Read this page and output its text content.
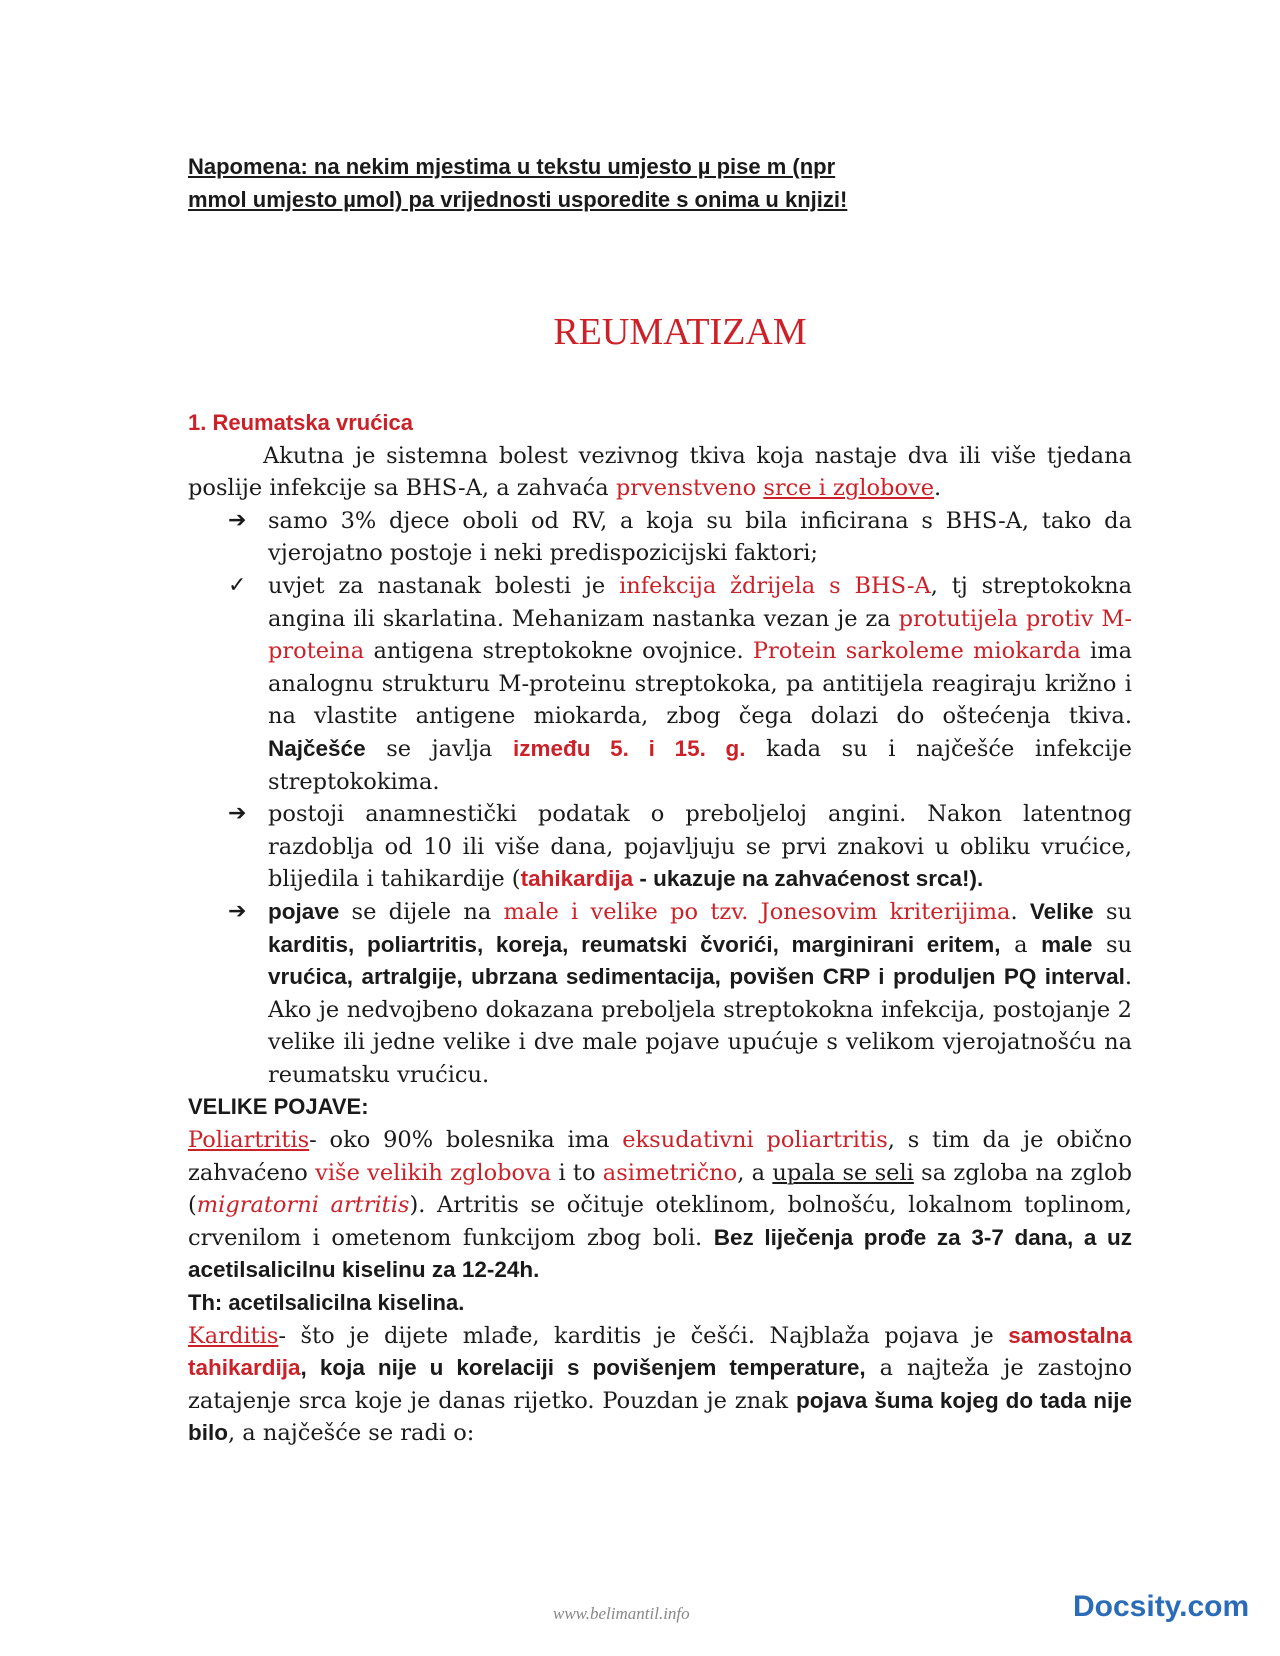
Napomena: na nekim mjestima u tekstu umjesto µ pise m (npr
mmol umjesto µmol) pa vrijednosti usporedite s onima u knjizi!
REUMATIZAM
1. Reumatska vrućica
Akutna je sistemna bolest vezivnog tkiva koja nastaje dva ili više tjedana poslije infekcije sa BHS-A, a zahvaća prvenstveno srce i zglobove.
➔ samo 3% djece oboli od RV, a koja su bila inficirana s BHS-A, tako da vjerojatno postoje i neki predispozicijski faktori;
✓ uvjet za nastanak bolesti je infekcija ždrijela s BHS-A, tj streptokokna angina ili skarlatina. Mehanizam nastanka vezan je za protutijela protiv M-proteina antigena streptokokne ovojnice. Protein sarkoleme miokarda ima analognu strukturu M-proteinu streptokoka, pa antitijela reagiraju križno i na vlastite antigene miokarda, zbog čega dolazi do oštećenja tkiva. Najčešće se javlja između 5. i 15. g. kada su i najčešće infekcije streptokokima.
➔ postoji anamnestički podatak o preboljeloj angini. Nakon latentnog razdoblja od 10 ili više dana, pojavljuju se prvi znakovi u obliku vrućice, blijedila i tahikardije (tahikardija - ukazuje na zahvaćenost srca!).
➔ pojave se dijele na male i velike po tzv. Jonesovim kriterijima. Velike su karditis, poliartritis, koreja, reumatski čvorići, marginirani eritem, a male su vrućica, artralgije, ubrzana sedimentacija, povišen CRP i produljen PQ interval. Ako je nedvojbeno dokazana preboljela streptokokna infekcija, postojanje 2 velike ili jedne velike i dve male pojave upućuje s velikom vjerojatnošću na reumatsku vrućicu.
VELIKE POJAVE:
Poliartritis- oko 90% bolesnika ima eksudativni poliartritis, s tim da je obično zahvaćeno više velikih zglobova i to asimetrično, a upala se seli sa zgloba na zglob (migratorni artritis). Artritis se očituje oteklinom, bolnošću, lokalnom toplinom, crvenilom i ometenom funkcijom zbog boli. Bez liječenja prođe za 3-7 dana, a uz acetilsalicilnu kiselinu za 12-24h.
Th: acetilsalicilna kiselina.
Karditis- što je dijete mlađe, karditis je češći. Najblaža pojava je samostalna tahikardija, koja nije u korelaciji s povišenjem temperature, a najteža je zastojno zatajenje srca koje je danas rijetko. Pouzdan je znak pojava šuma kojeg do tada nije bilo, a najčešće se radi o:
www.belimantil.info	Docsity.com
